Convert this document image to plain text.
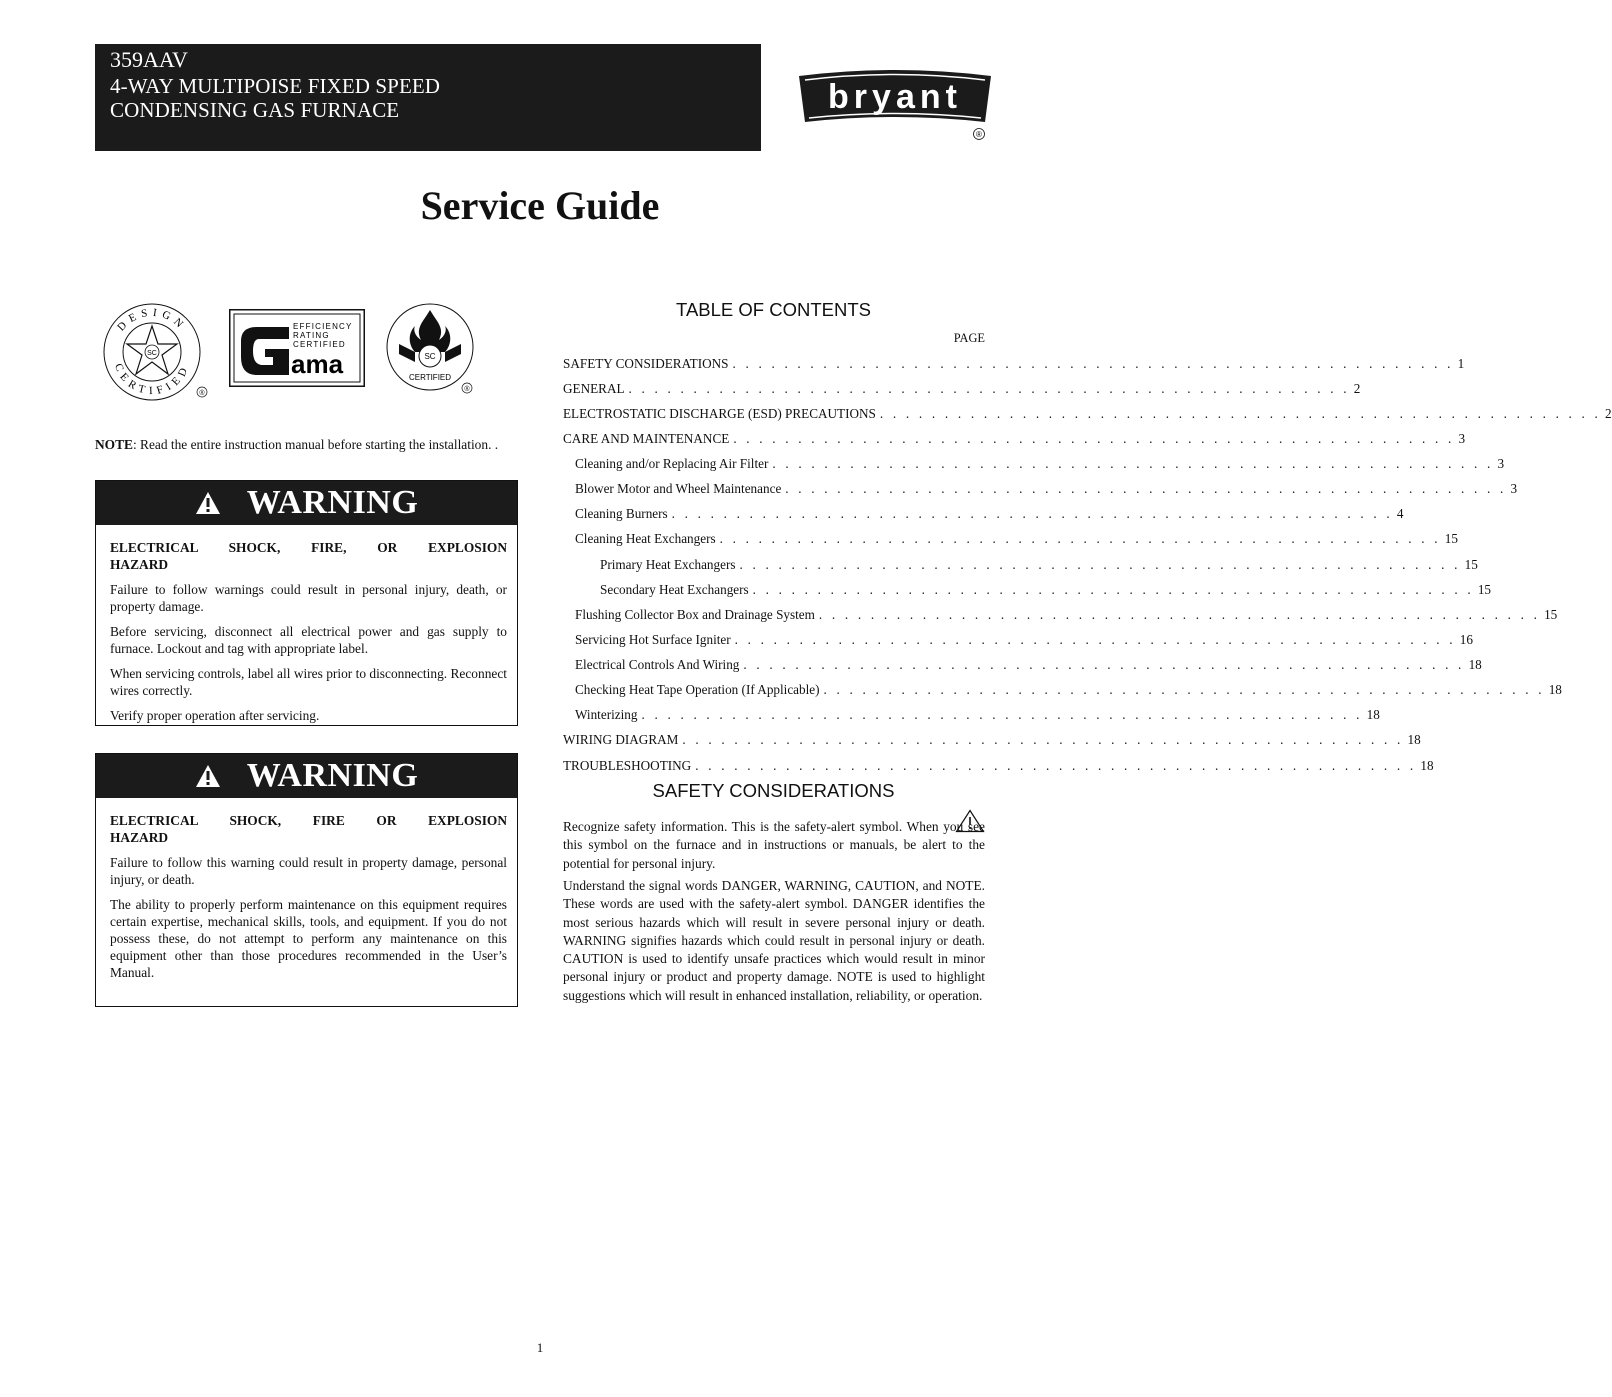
359AAV
4-WAY MULTIPOISE FIXED SPEED
CONDENSING GAS FURNACE	bryant
®
Service Guide
DESIGN
CERTIFIED
SC
®
EFFICIENCY
RATING
CERTIFIED
ama	SC
CERTIFIED
®
NOTE: Read the entire instruction manual before starting the installation. .
WARNING

ELECTRICAL SHOCK, FIRE, OR EXPLOSION

HAZARD

Failure to follow warnings could result in personal injury, death, or property damage.

Before servicing, disconnect all electrical power and gas supply to furnace. Lockout and tag with appropriate label.

When servicing controls, label all wires prior to disconnecting. Reconnect wires correctly.

Verify proper operation after servicing.

WARNING

ELECTRICAL SHOCK, FIRE OR EXPLOSION

HAZARD

Failure to follow this warning could result in property damage, personal injury, or death.

The ability to properly perform maintenance on this equipment requires certain expertise, mechanical skills, tools, and equipment. If you do not possess these, do not attempt to perform any maintenance on this equipment other than those procedures recommended in the User’s Manual.

TABLE OF CONTENTS
PAGE
SAFETY CONSIDERATIONS . . . . . . . . . . . . . . . . . . . . . . . . . . . . . . . . . . . . . . . . . . . . . . . . . . . . . . . . 1
GENERAL . . . . . . . . . . . . . . . . . . . . . . . . . . . . . . . . . . . . . . . . . . . . . . . . . . . . . . . . 2
ELECTROSTATIC DISCHARGE (ESD) PRECAUTIONS . . . . . . . . . . . . . . . . . . . . . . . . . . . . . . . . . . . . . . . . . . . . . . . . . . . . . . . . 2
CARE AND MAINTENANCE . . . . . . . . . . . . . . . . . . . . . . . . . . . . . . . . . . . . . . . . . . . . . . . . . . . . . . . . 3
Cleaning and/or Replacing Air Filter . . . . . . . . . . . . . . . . . . . . . . . . . . . . . . . . . . . . . . . . . . . . . . . . . . . . . . . . 3
Blower Motor and Wheel Maintenance . . . . . . . . . . . . . . . . . . . . . . . . . . . . . . . . . . . . . . . . . . . . . . . . . . . . . . . . 3
Cleaning Burners . . . . . . . . . . . . . . . . . . . . . . . . . . . . . . . . . . . . . . . . . . . . . . . . . . . . . . . . 4
Cleaning Heat Exchangers . . . . . . . . . . . . . . . . . . . . . . . . . . . . . . . . . . . . . . . . . . . . . . . . . . . . . . . . 15
Primary Heat Exchangers . . . . . . . . . . . . . . . . . . . . . . . . . . . . . . . . . . . . . . . . . . . . . . . . . . . . . . . . 15
Secondary Heat Exchangers . . . . . . . . . . . . . . . . . . . . . . . . . . . . . . . . . . . . . . . . . . . . . . . . . . . . . . . . 15
Flushing Collector Box and Drainage System . . . . . . . . . . . . . . . . . . . . . . . . . . . . . . . . . . . . . . . . . . . . . . . . . . . . . . . . 15
Servicing Hot Surface Igniter . . . . . . . . . . . . . . . . . . . . . . . . . . . . . . . . . . . . . . . . . . . . . . . . . . . . . . . . 16
Electrical Controls And Wiring . . . . . . . . . . . . . . . . . . . . . . . . . . . . . . . . . . . . . . . . . . . . . . . . . . . . . . . . 18
Checking Heat Tape Operation (If Applicable) . . . . . . . . . . . . . . . . . . . . . . . . . . . . . . . . . . . . . . . . . . . . . . . . . . . . . . . . 18
Winterizing . . . . . . . . . . . . . . . . . . . . . . . . . . . . . . . . . . . . . . . . . . . . . . . . . . . . . . . . 18
WIRING DIAGRAM . . . . . . . . . . . . . . . . . . . . . . . . . . . . . . . . . . . . . . . . . . . . . . . . . . . . . . . . 18
TROUBLESHOOTING . . . . . . . . . . . . . . . . . . . . . . . . . . . . . . . . . . . . . . . . . . . . . . . . . . . . . . . . 18
SAFETY CONSIDERATIONS

Recognize safety information. This is the safety-alert symbol. When you see this symbol on the furnace and in instructions or manuals, be alert to the potential for personal injury.

Understand the signal words DANGER, WARNING, CAUTION, and NOTE. These words are used with the safety-alert symbol. DANGER identifies the most serious hazards which will result in severe personal injury or death. WARNING signifies hazards which could result in personal injury or death. CAUTION is used to identify unsafe practices which would result in minor personal injury or product and property damage. NOTE is used to highlight suggestions which will result in enhanced installation, reliability, or operation.

1
